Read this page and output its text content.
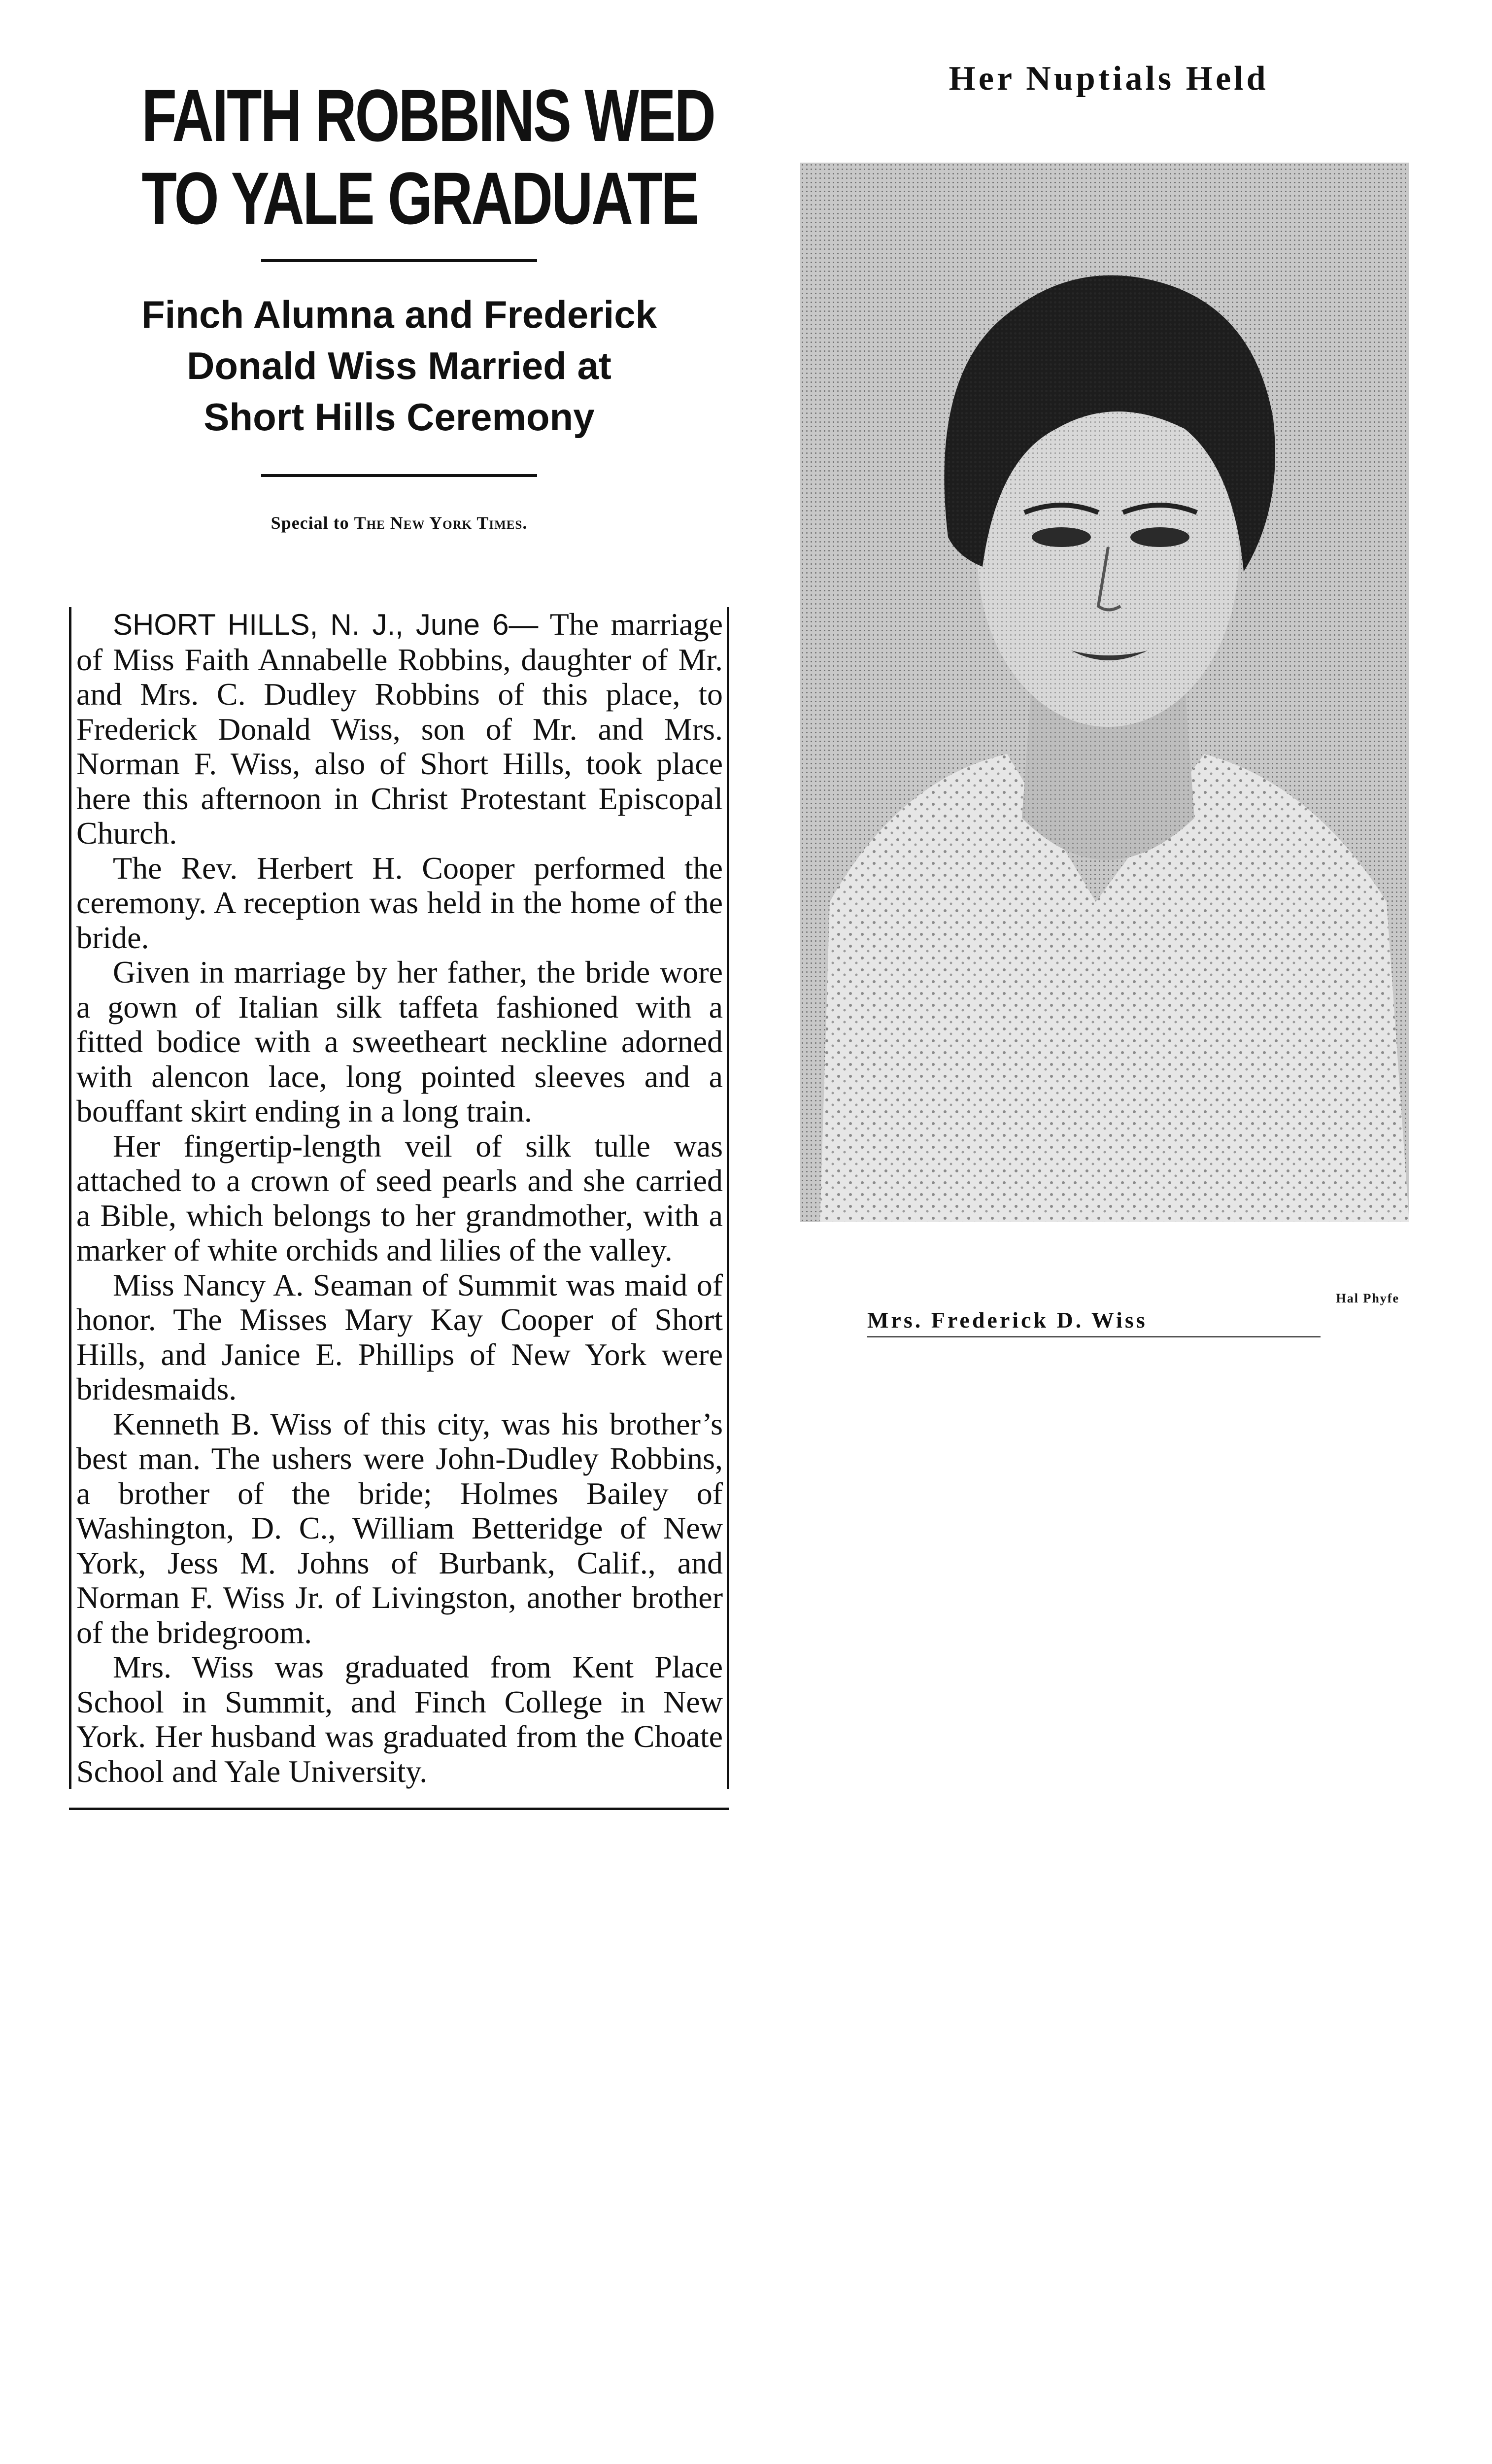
FAITH ROBBINS WED
TO YALE GRADUATE
Finch Alumna and Frederick
Donald Wiss Married at
Short Hills Ceremony
Special to The New York Times.

SHORT HILLS, N. J., June 6— The marriage of Miss Faith Annabelle Robbins, daughter of Mr. and Mrs. C. Dudley Robbins of this place, to Frederick Donald Wiss, son of Mr. and Mrs. Norman F. Wiss, also of Short Hills, took place here this afternoon in Christ Protestant Episcopal Church.

The Rev. Herbert H. Cooper performed the ceremony. A reception was held in the home of the bride.

Given in marriage by her father, the bride wore a gown of Italian silk taffeta fashioned with a fitted bodice with a sweetheart neckline adorned with alencon lace, long pointed sleeves and a bouffant skirt ending in a long train.

Her fingertip-length veil of silk tulle was attached to a crown of seed pearls and she carried a Bible, which belongs to her grandmother, with a marker of white orchids and lilies of the valley.

Miss Nancy A. Seaman of Summit was maid of honor. The Misses Mary Kay Cooper of Short Hills, and Janice E. Phillips of New York were bridesmaids.

Kenneth B. Wiss of this city, was his brother’s best man. The ushers were John-Dudley Robbins, a brother of the bride; Holmes Bailey of Washington, D. C., William Betteridge of New York, Jess M. Johns of Burbank, Calif., and Norman F. Wiss Jr. of Livingston, another brother of the bridegroom.

Mrs. Wiss was graduated from Kent Place School in Summit, and Finch College in New York. Her husband was graduated from the Choate School and Yale University.

Her Nuptials Held
Hal Phyfe
Mrs. Frederick D. Wiss
